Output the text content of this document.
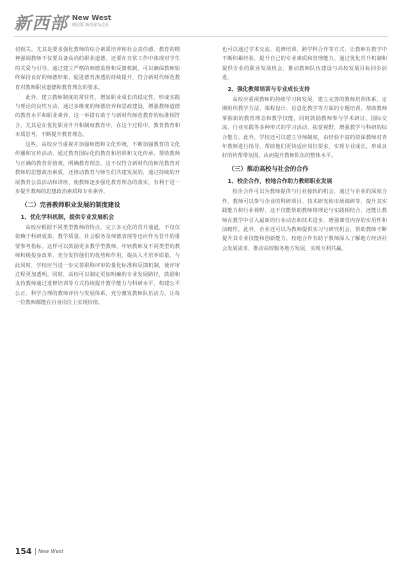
新西部 New West
理论版 新西部杂志社

切相关。尤其是要求强化教师的综合素质培养和社会责任感，教育的精神强调教师不仅要具备高尚的职业道德，还要在日常工作中体现对学生的关爱与引导。通过建立严格的师德监督和反馈机制，可以确保教师始终保持良好的师德形象。促进德育渗透的持续提升，符合新时代师范教育对教师职业道德和教育理念的要求。

此外，建立教师制度的常驻性，增加职业成长的稳定性，形成实践与理论的良性互动，通过多维度的师德培养和思政建设，增强教师道德的教育水平和职业素养，这一举措有助于与新时代师范教育的标准相符合，尤其是在优化职业升升和制度教育中，在这个过程中，教育教育和本质思考，不断提升教育理念。

这些，高校应当重视并加强师德和文化传统，不断加强教育的文化传播和宣传活动，通过教育国际化的教育和培训和文化传承，帮助教师与正确的教育价值观，明确教育理念，这不仅符合新时代的师范教育对教师的思想政治素质，还推动教育与师生们共建发展的，通过持续的开展教育公益活动和讲座，使教师逐步强化教育理念的落实，有利于进一步提升教师的思想政治素质和专业素养。

（二）完善教师职业发展的制度建设
1、优化学科机制，提供专业发展机会

高校应根据不同类型教师的特点，完立多元化的晋升通道，不仅仅依赖于科研成果。教学质量、社会服务及师德表现等也应作为晋升的重要参考指标。这样可以鼓励更多教学型教师，年轻教师及不同类型的教师积极投身改革，充分发挥他们的优势和作用，提高人才培养质量。与此同时，学校应当进一步完善职称评审的量化标准和反馈机制，使评审过程更加透明。同时，高校可以制定更加明确的专业发展路径，鼓励和支持教师通过进修培训等方式持续提升教学能力与科研水平，构建公平公正、科学合理的教师评价与发展体系，充分激发教师队伍活力，让每一位教师都能在自身岗位上实现价值。

也可以通过学术交流、进修培训、跨学科合作等方式，让教师在教学中不断积累经验，提升自己的专业素质和管理能力。通过优化晋升机制和提供专业的职业发展机会，推动教师队伍建设与高校发展目标同步前进。

2、强化教师培训与专业成长支持

高校应重视教师的持续学习和发展，建立完善的教师培训体系。定期组织教学方法、课程设计、信息化教学等方面的专题培训，帮助教师掌握新的教育理念和教学技能，同时鼓励教师参与学术研讨、国际交流、行业实践等多种形式的学习活动，拓宽视野，增强教学与科研的综合能力。此外，学校还可以建立导师制度，由经验丰富的资深教师对青年教师进行指导，帮助他们更快适应岗位要求，实现专业成长，形成良好的传帮带氛围，从而提升教师队伍的整体水平。

（三）推动高校与社会的合作
1、校企合作，校地合作助力教师职业发展

校企合作可以为教师提供与行业接轨的机会，通过与企业的深度合作，教师可以参与企业的科研项目、技术研发和市场调研等，提升其实践能力和行业视野，这不仅能帮助教师将理论与实践相结合，还能让教师在教学中引入最新的行业动态和技术进步，增强课堂内容的实用性和前瞻性。此外，企业还可以为教师提供实习与研究机会，帮助教师不断提升其专业技能和创新能力。校地合作有助于教师深入了解地方经济社会发展需求，推动高校服务地方发展，实现互利共赢。

154 New West
